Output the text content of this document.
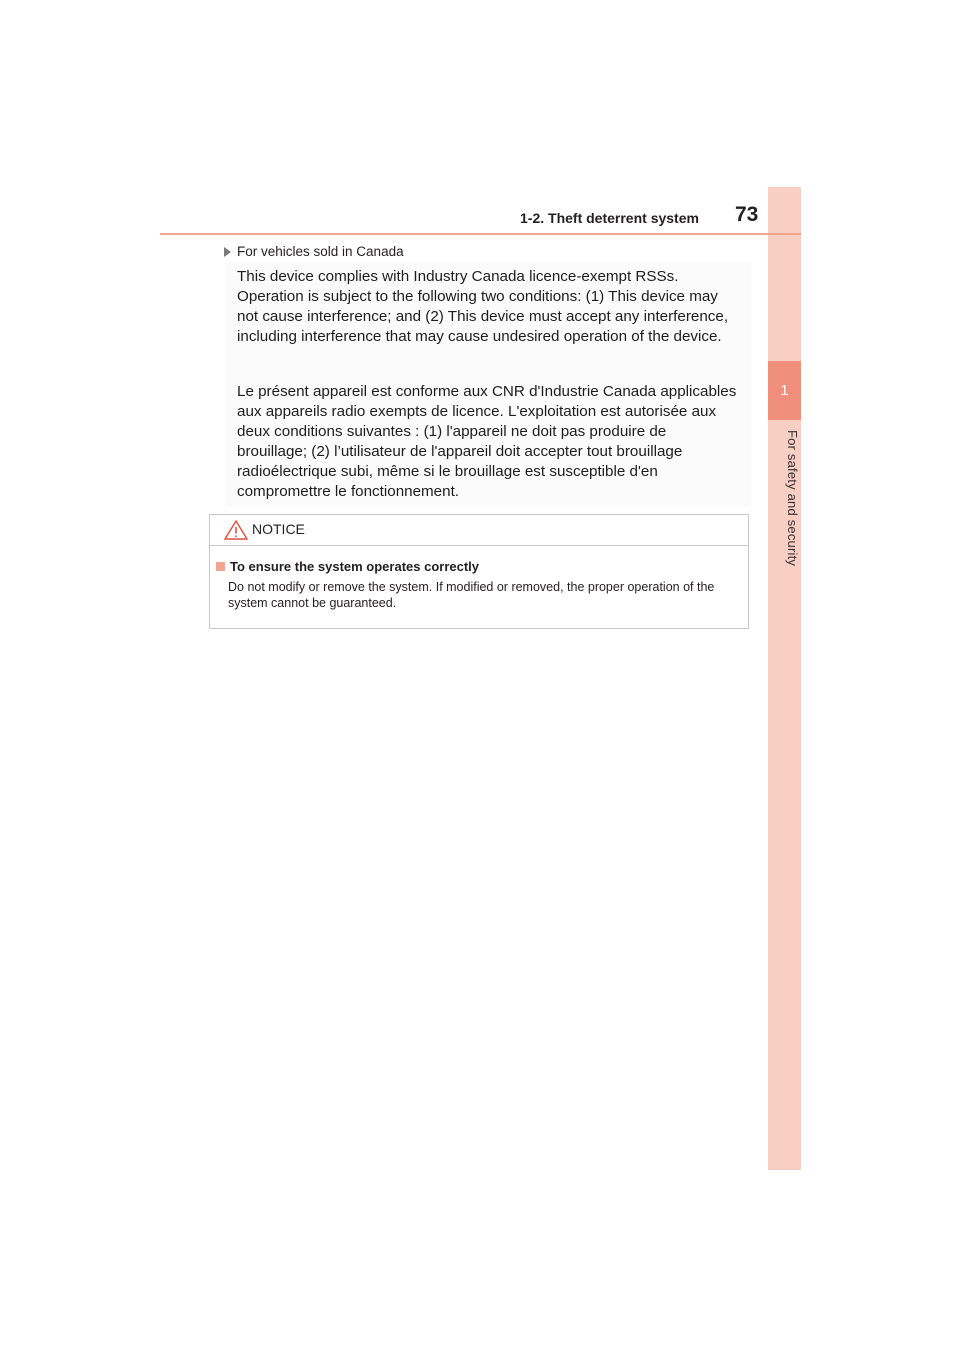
1
For safety and security
1-2. Theft deterrent system 73
For vehicles sold in Canada

This device complies with Industry Canada licence-exempt RSSs. Operation is subject to the following two conditions: (1) This device may not cause interference; and (2) This device must accept any interference, including interference that may cause undesired operation of the device.

Le présent appareil est conforme aux CNR d'Industrie Canada applicables aux appareils radio exempts de licence. L'exploitation est autorisée aux deux conditions suivantes : (1) l'appareil ne doit pas produire de brouillage; (2) l’utilisateur de l'appareil doit accepter tout brouillage radioélectrique subi, même si le brouillage est susceptible d'en compromettre le fonctionnement.

NOTICE
To ensure the system operates correctly

Do not modify or remove the system. If modified or removed, the proper operation of the system cannot be guaranteed.
